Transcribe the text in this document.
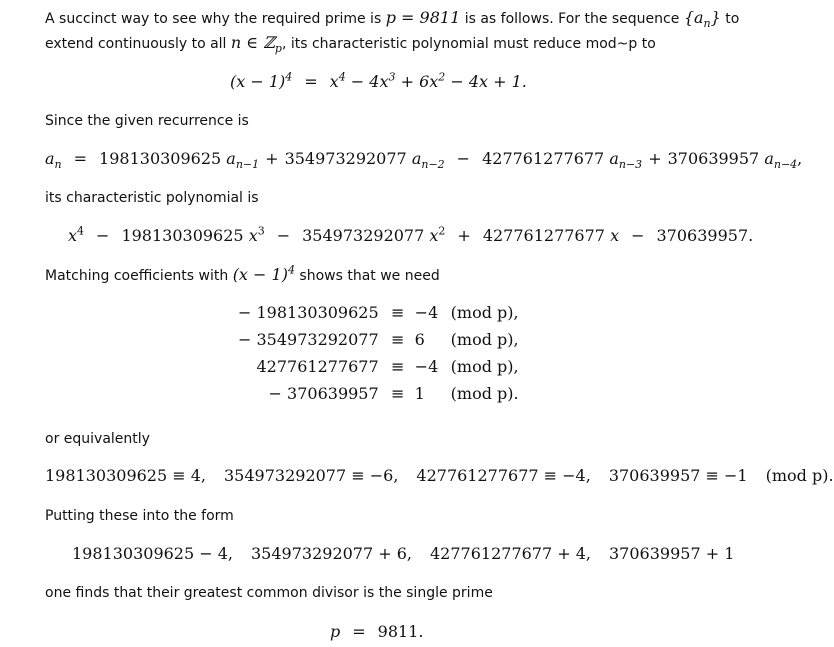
A succinct way to see why the required prime is p = 9811 is as follows. For the sequence $\{a_n\}$ to
extend continuously to all n ∈ ℤ$_p$, its characteristic polynomial must reduce mod~p to
$(x - 1)^4 = x^4 - 4x^3 + 6x^2 - 4x + 1$.
Since the given recurrence is
$a_n = 198130309625$ $a_{n-1} + 354973292077$ $a_{n-2} - 427761277677$ $a_{n-3} + 370639957$ $a_{n-4}$,
its characteristic polynomial is
$x^4 - 198130309625$ $x^3 - 354973292077$ $x^2 + 427761277677$ x − 370639957.
Matching coefficients with $(x - 1)^4$ shows that we need
− 198130309625	≡	−4 (mod p),
− 354973292077	≡	6 (mod p),
427761277677	≡	−4 (mod p),
− 370639957	≡	1 (mod p).
or equivalently
198130309625 ≡ 4, 354973292077 ≡ −6, 427761277677 ≡ −4, 370639957 ≡ −1 (mod p).
Putting these into the form
198130309625 − 4, 354973292077 + 6, 427761277677 + 4, 370639957 + 1
one finds that their greatest common divisor is the single prime
p = 9811.
